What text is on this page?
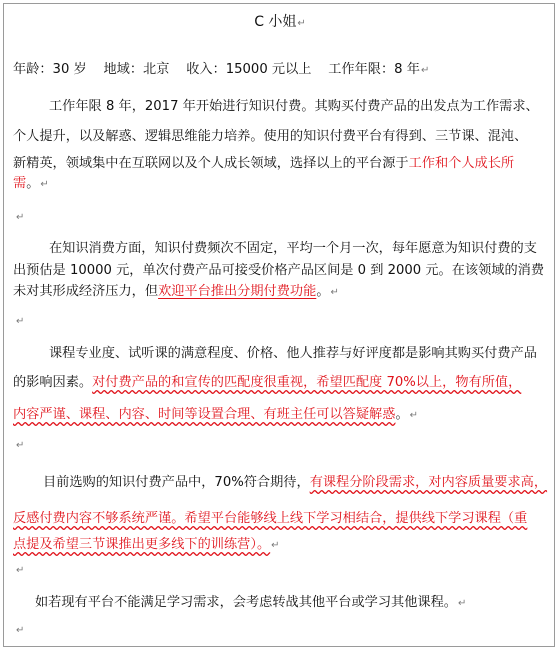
C 小姐↵
年龄：30 岁    地域：北京    收入：15000 元以上    工作年限：8 年↵
工作年限 8 年，2017 年开始进行知识付费。其购买付费产品的出发点为工作需求、
个人提升，以及解惑、逻辑思维能力培养。使用的知识付费平台有得到、三节课、混沌、
新精英，领域集中在互联网以及个人成长领域，选择以上的平台源于工作和个人成长所
需。↵
在知识消费方面，知识付费频次不固定，平均一个月一次，每年愿意为知识付费的支
出预估是 10000 元，单次付费产品可接受价格产品区间是 0 到 2000 元。在该领域的消费
未对其形成经济压力，但欢迎平台推出分期付费功能。↵
课程专业度、试听课的满意程度、价格、他人推荐与好评度都是影响其购买付费产品
的影响因素。对付费产品的和宣传的匹配度很重视，希望匹配度 70%以上，物有所值，
内容严谨、课程、内容、时间等设置合理、有班主任可以答疑解惑。↵
目前选购的知识付费产品中，70%符合期待，有课程分阶段需求，对内容质量要求高，
反感付费内容不够系统严谨。希望平台能够线上线下学习相结合，提供线下学习课程（重
点提及希望三节课推出更多线下的训练营）。↵
如若现有平台不能满足学习需求，会考虑转战其他平台或学习其他课程。↵
↵
↵
↵
↵
↵
